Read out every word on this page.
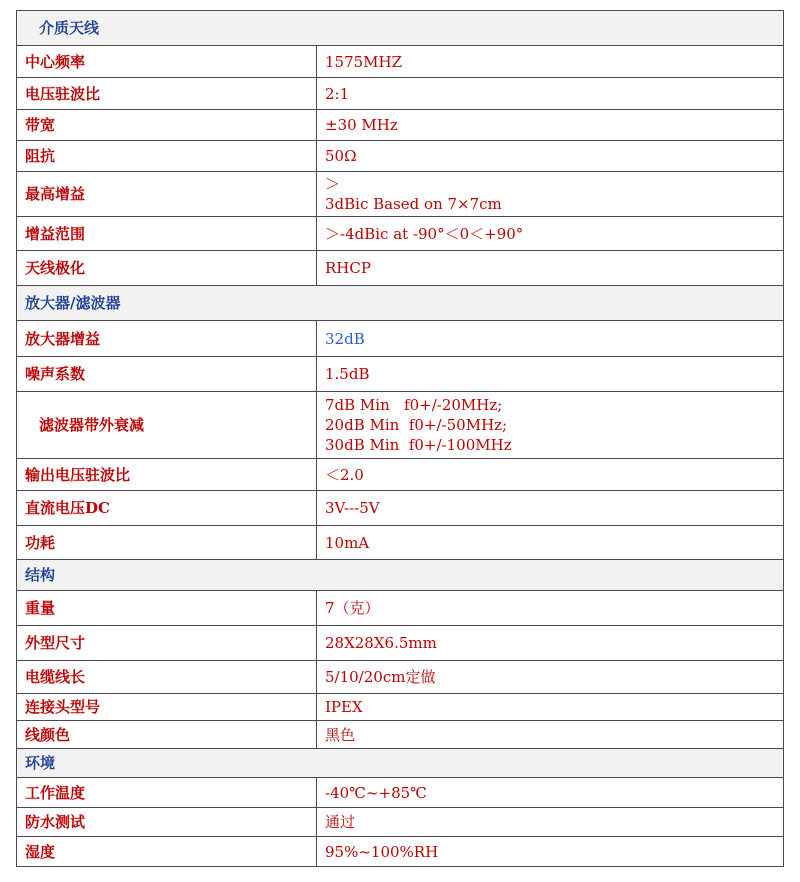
介质天线	
中心频率	1575MHZ
电压驻波比	2:1
带宽	±30 MHz
阻抗	50Ω
最高增益	＞
3dBic Based on 7×7cm

增益范围	＞-4dBic at -90°＜0＜+90°
天线极化	RHCP
放大器/滤波器	
放大器增益	32dB
噪声系数	1.5dB
滤波器带外衰减	7dB Min   f0+/-20MHz;
20dB Min  f0+/-50MHz;
30dB Min  f0+/-100MHz

输出电压驻波比	＜2.0
直流电压DC	3V---5V
功耗	10mA
结构	
重量	7（克）
外型尺寸	28X28X6.5mm
电缆线长	5/10/20cm定做
连接头型号	IPEX
线颜色	黑色
环境	
工作温度	-40℃~+85℃
防水测试	通过
湿度	95%~100%RH
